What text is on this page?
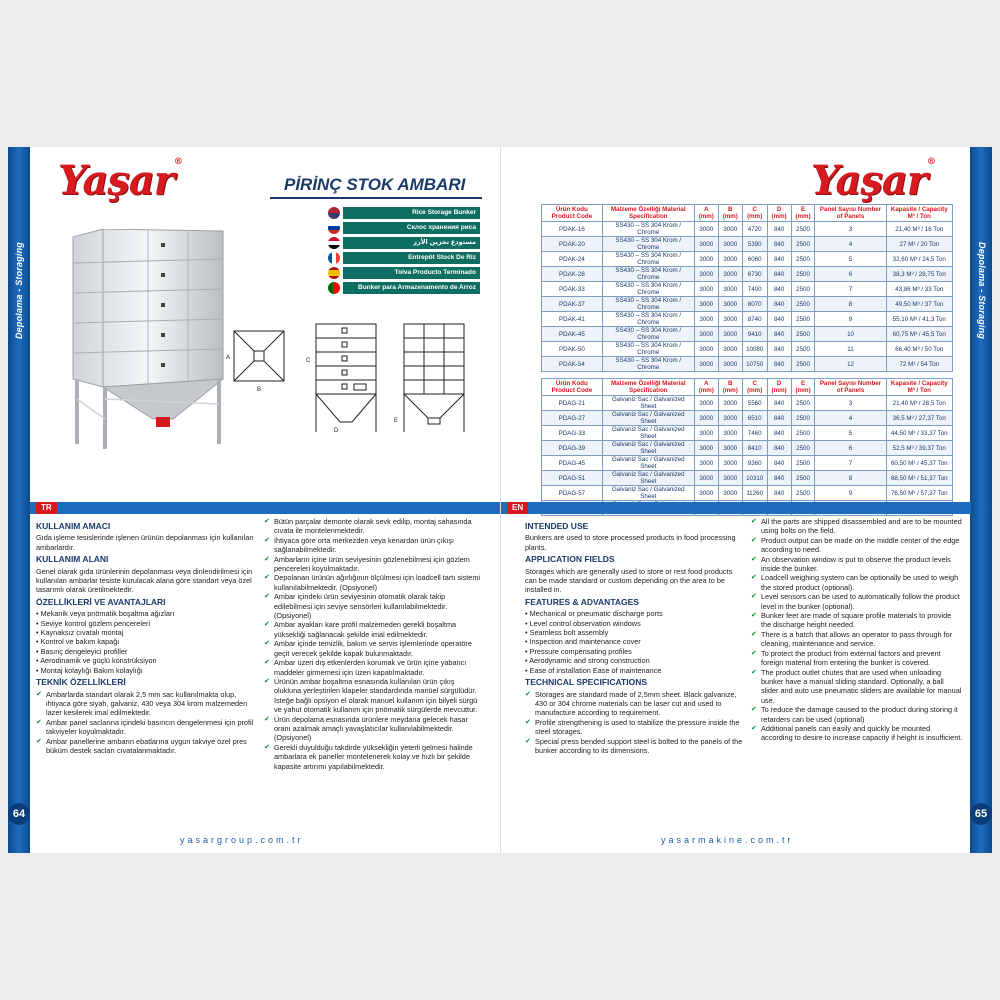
Depolama - Storaging
64
Yaşar®
PİRİNÇ STOK AMBARI
Rice Storage Bunker
Склoс хранения риса
مستودع تخزين الأرز
Entrepôt Stock De Riz
Tolva Producto Terminado
Bunker para Armazenamento de Arroz
A
B
C
D
E
TR
KULLANIM AMACI

Gıda işleme tesislerinde işlenen ürünün depolanması için kullanılan ambarlardır.

KULLANIM ALANI

Genel olarak gıda ürünlerinin depolanması veya dinlendirilmesi için kullanılan ambarlar tesiste kurulacak alana göre standart veya özel tasarımlı olarak üretilmektedir.

ÖZELLİKLERİ VE AVANTAJLARI
• Mekanik veya pnömatik boşaltma ağızları
• Seviye kontrol gözlem pencereleri
• Kaynaksız cıvatalı montaj
• Kontrol ve bakım kapağı
• Basınç dengeleyici profiller
• Aerodinamik ve güçlü konstrüksiyon
• Montaj kolaylığı Bakım kolaylığı
TEKNİK ÖZELLİKLERİ
✔ Ambarlarda standart olarak 2,5 mm sac kullanılmakta olup, ihtiyaca göre siyah, galvaniz, 430 veya 304 krom malzemeden lazer kesilerek imal edilmektedir.
✔ Ambar panel saclarına içindeki basıncın dengelenmesi için profil takviyeler koyulmaktadır.
✔ Ambar panellerine ambarın ebatlarına uygun takviye özel pres büküm destek sacları cıvatalanmaktadır.
✔ Bütün parçalar demonte olarak sevk edilip, montaj sahasında cıvata ile montelenmektedir.
✔ İhtiyaca göre orta merkezden veya kenardan ürün çıkışı sağlanabilmektedir.
✔ Ambarların içine ürün seviyesinin gözlenebilmesi için gözlem pencereleri koyulmaktadır.
✔ Depolanan ürünün ağırlığının ölçülmesi için loadcell tartı sistemi kullanılabilmektedir. (Opsiyonel)
✔ Ambar içindeki ürün seviyesinin otomatik olarak takip edilebilmesi için seviye sensörleri kullanılabilmektedir. (Opsiyonel)
✔ Ambar ayakları kare profil malzemeden gerekli boşaltma yüksekliği sağlanacak şekilde imal edilmektedir.
✔ Ambar içinde temizlik, bakım ve servis işlemlerinde operatöre geçit verecek şekilde kapak bulunmaktadır.
✔ Ambar üzeri dış etkenlerden korumak ve ürün içine yabancı maddeler girmemesi için üzeri kapatılmaktadır.
✔ Ürünün ambar boşaltma esnasında kullanılan ürün çıkış olukluna yerleştirilen klapeler standardında manüel sürgülüdür. İsteğe bağlı opsiyon el olarak manuel kullanım için bilyeli sürgü ve yahut otomatik kullanım için pnömatik sürgülerde mevcuttur.
✔ Ürün depolama esnasında ürünlere meydana gelecek hasar oranı azalmak amaçlı yavaşlatıcılar kullanılabilmektedir. (Opsiyonel)
✔ Gerekli duyulduğu takdirde yüksekliğin yeterli gelmesi halinde ambarlara ek paneller montelenerek kolay ve hızlı bir şekilde kapasite artırımı yapılabilmektedir.
yasargroup.com.tr
Depolama - Storaging
65
Yaşar®
Ürün Kodu Product Code	Malzeme Özelliği Material Specification	A (mm)	B (mm)	C (mm)	D (mm)	E (mm)	Panel Sayısı Number of Panels	Kapasite / Capacity M³ / Ton
PDAK-16	SS430 – SS 304 Krom / Chrome	3000	3000	4720	840	2500	3	21,40 M³ / 16 Ton
PDAK-20	SS430 – SS 304 Krom / Chrome	3000	3000	5390	840	2500	4	27 M³ / 20 Ton
PDAK-24	SS430 – SS 304 Krom / Chrome	3000	3000	6060	840	2500	5	32,60 M³ / 24,5 Ton
PDAK-28	SS430 – SS 304 Krom / Chrome	3000	3000	6730	840	2500	6	38,3 M³ / 28,75 Ton
PDAK-33	SS430 – SS 304 Krom / Chrome	3000	3000	7400	840	2500	7	43,86 M³ / 33 Ton
PDAK-37	SS430 – SS 304 Krom / Chrome	3000	3000	8070	840	2500	8	49,50 M³ / 37 Ton
PDAK-41	SS430 – SS 304 Krom / Chrome	3000	3000	8740	840	2500	9	55,10 M³ / 41,3 Ton
PDAK-45	SS430 – SS 304 Krom / Chrome	3000	3000	9410	840	2500	10	60,75 M³ / 45,5 Ton
PDAK-50	SS430 – SS 304 Krom / Chrome	3000	3000	10080	840	2500	11	66,40 M³ / 50 Ton
PDAK-54	SS430 – SS 304 Krom / Chrome	3000	3000	10750	840	2500	12	72 M³ / 54 Ton
Ürün Kodu Product Code	Malzeme Özelliği Material Specification	A (mm)	B (mm)	C (mm)	D (mm)	E (mm)	Panel Sayısı Number of Panels	Kapasite / Capacity M³ / Ton
PDAG-21	Galvaniz Sac / Galvanized Sheet	3000	3000	5560	840	2500	3	21,40 M³ / 28,5 Ton
PDAG-27	Galvaniz Sac / Galvanized Sheet	3000	3000	6510	840	2500	4	36,5 M³ / 27,37 Ton
PDAG-33	Galvaniz Sac / Galvanized Sheet	3000	3000	7460	840	2500	5	44,50 M³ / 33,37 Ton
PDAG-39	Galvaniz Sac / Galvanized Sheet	3000	3000	8410	840	2500	6	52,5 M³ / 39,37 Ton
PDAG-45	Galvaniz Sac / Galvanized Sheet	3000	3000	9360	840	2500	7	60,50 M³ / 45,37 Ton
PDAG-51	Galvaniz Sac / Galvanized Sheet	3000	3000	10310	840	2500	8	68,50 M³ / 51,37 Ton
PDAG-57	Galvaniz Sac / Galvanized Sheet	3000	3000	11260	840	2500	9	76,50 M³ / 57,37 Ton

EN
INTENDED USE

Bunkers are used to store processed products in food processing plants.

APPLICATION FIELDS

Storages which are generally used to store or rest food products can be made standard or custom depending on the area to be installed in.

FEATURES & ADVANTAGES
• Mechanical or pneumatic discharge ports
• Level control observation windows
• Seamless bolt assembly
• Inspection and maintenance cover
• Pressure compensating profiles
• Aerodynamic and strong construction
• Ease of installation Ease of maintenance
TECHNICAL SPECIFICATIONS
✔ Storages are standard made of 2,5mm sheet. Black galvanize, 430 or 304 chrome materials can be laser cut and used to manufacture according to requirement.
✔ Profile strengthening is used to stabilize the pressure inside the steel storages.
✔ Special press bended support steel is bolted to the panels of the bunker according to its dimensions.
✔ All the parts are shipped disassembled and are to be mounted using bolts on the field.
✔ Product output can be made on the middle center of the edge according to need.
✔ An observation window is put to observe the product levels inside the bunker.
✔ Loadcell weighing system can be optionally be used to weigh the stored product (optional).
✔ Level sensors can be used to automatically follow the product level in the bunker (optional).
✔ Bunker feet are made of square profile materials to provide the discharge height needed.
✔ There is a hatch that allows an operator to pass through for cleaning, maintenance and service.
✔ To protect the product from external factors and prevent foreign material from entering the bunker is covered.
✔ The product outlet chutes that are used when unloading bunker have a manual sliding standard. Optionally, a ball slider and auto use pneumatic sliders are available for manual use.
✔ To reduce the damage caused to the product during storing it retarders can be used (optional)
✔ Additional panels can easily and quickly be mounted according to desire to increase capacity if height is insufficient.
yasarmakine.com.tr
